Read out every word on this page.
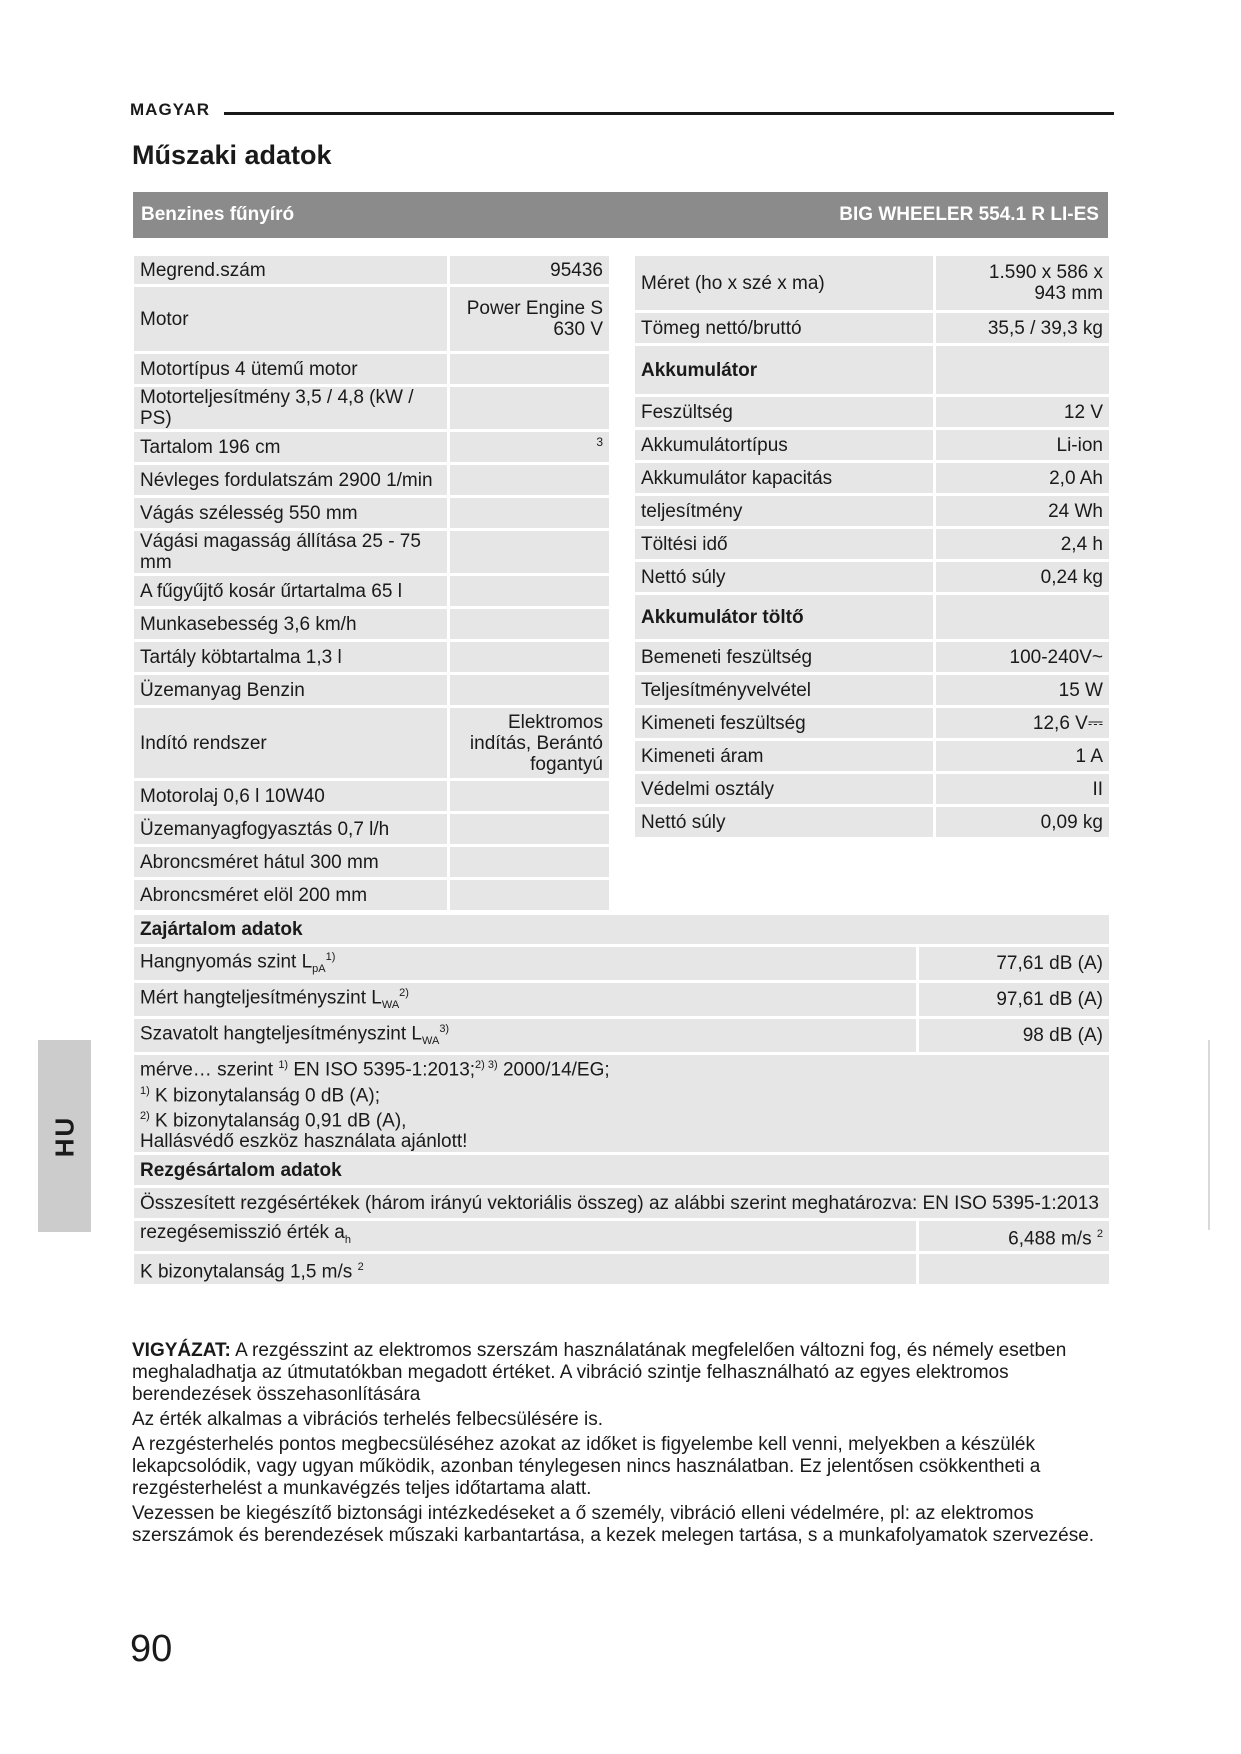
MAGYAR
Műszaki adatok
Benzines fűnyíró	BIG WHEELER 554.1 R LI-ES
Megrend.szám	95436
Motor	Power Engine S 630 V
Motortípus 4 ütemű motor	
Motorteljesítmény 3,5 / 4,8 (kW / PS)	
Tartalom 196 cm	3
Névleges fordulatszám 2900 1/min	
Vágás szélesség 550 mm	
Vágási magasság állítása 25 - 75 mm	
A fűgyűjtő kosár űrtartalma 65 l	
Munkasebesség 3,6 km/h	
Tartály köbtartalma 1,3 l	
Üzemanyag Benzin	
Indító rendszer	Elektromos indítás, Berántó fogantyú
Motorolaj 0,6 l 10W40	
Üzemanyagfogyasztás 0,7 l/h	
Abroncsméret hátul 300 mm	
Abroncsméret elöl 200 mm	
Méret (ho x szé x ma)	1.590 x 586 x 943 mm
Tömeg nettó/bruttó	35,5 / 39,3 kg
Akkumulátor	
Feszültség	12 V
Akkumulátortípus	Li-ion
Akkumulátor kapacitás	2,0 Ah
teljesítmény	24 Wh
Töltési idő	2,4 h
Nettó súly	0,24 kg
Akkumulátor töltő	
Bemeneti feszültség	100-240V~
Teljesítményvelvétel	15 W
Kimeneti feszültség	12,6 V⎓
Kimeneti áram	1 A
Védelmi osztály	II
Nettó súly	0,09 kg
Zajártalom adatok	
Hangnyomás szint $L_{pA}^{1)}$	77,61 dB (A)
Mért hangteljesítményszint $L_{WA}^{2)}$	97,61 dB (A)
Szavatolt hangteljesítményszint $L_{WA}^{3)}$	98 dB (A)

mérve… szerint $^{1)}$ EN ISO 5395-1:2013;$^{2) 3)}$ 2000/14/EG;
$^{1)}$ K bizonytalanság 0 dB (A);
$^{2)}$ K bizonytalanság 0,91 dB (A),
Hallásvédő eszköz használata ajánlott!	

Rezgésártalom adatok	
Összesített rezgésértékek (három irányú vektoriális összeg) az alábbi szerint meghatározva: EN ISO 5395-1:2013	
rezegésemisszió érték $a_h$	6,488 m/s $^2$
K bizonytalanság 1,5 m/s $^2$	
HU

VIGYÁZAT: A rezgésszint az elektromos szerszám használatának megfelelően változni fog, és némely esetben meghaladhatja az útmutatókban megadott értéket. A vibráció szintje felhasználható az egyes elektromos berendezések összehasonlítására

Az érték alkalmas a vibrációs terhelés felbecsülésére is.

A rezgésterhelés pontos megbecsüléséhez azokat az időket is figyelembe kell venni, melyekben a készülék lekapcsolódik, vagy ugyan működik, azonban ténylegesen nincs használatban. Ez jelentősen csökkentheti a rezgésterhelést a munkavégzés teljes időtartama alatt.

Vezessen be kiegészítő biztonsági intézkedéseket a ő személy, vibráció elleni védelmére, pl: az elektromos szerszámok és berendezések műszaki karbantartása, a kezek melegen tartása, s a munkafolyamatok szervezése.

90
